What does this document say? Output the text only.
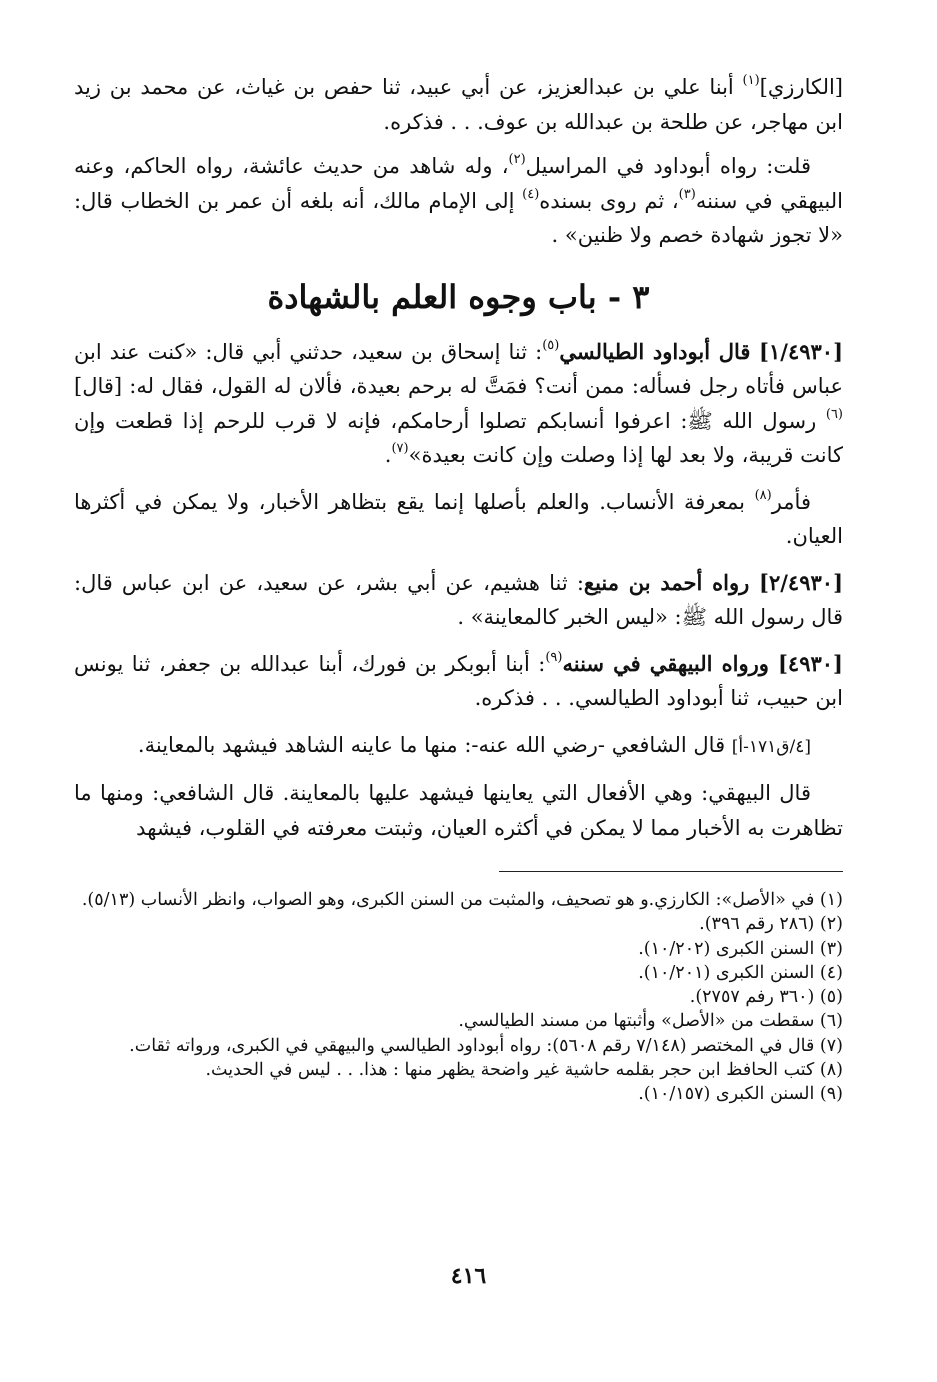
[الكارزي]$^{(١)}$ أبنا علي بن عبدالعزيز، عن أبي عبيد، ثنا حفص بن غياث، عن محمد بن زيد ابن مهاجر، عن طلحة بن عبدالله بن عوف. . . فذكره.

قلت: رواه أبوداود في المراسيل$^{(٢)}$، وله شاهد من حديث عائشة، رواه الحاكم، وعنه البيهقي في سننه$^{(٣)}$، ثم روى بسنده$^{(٤)}$ إلى الإمام مالك، أنه بلغه أن عمر بن الخطاب قال: «لا تجوز شهادة خصم ولا ظنين» .

٣ - باب وجوه العلم بالشهادة

[١/٤٩٣٠] قال أبوداود الطيالسي$^{(٥)}$: ثنا إسحاق بن سعيد، حدثني أبي قال: «كنت عند ابن عباس فأتاه رجل فسأله: ممن أنت؟ فمَتَّ له برحم بعيدة، فألان له القول، فقال له: [قال]$^{(٦)}$ رسول الله ﷺ: اعرفوا أنسابكم تصلوا أرحامكم، فإنه لا قرب للرحم إذا قطعت وإن كانت قريبة، ولا بعد لها إذا وصلت وإن كانت بعيدة»$^{(٧)}$.

فأمر$^{(٨)}$ بمعرفة الأنساب. والعلم بأصلها إنما يقع بتظاهر الأخبار، ولا يمكن في أكثرها العيان.

[٢/٤٩٣٠] رواه أحمد بن منيع: ثنا هشيم، عن أبي بشر، عن سعيد، عن ابن عباس قال: قال رسول الله ﷺ: «ليس الخبر كالمعاينة» .

[٤٩٣٠] ورواه البيهقي في سننه$^{(٩)}$: أبنا أبوبكر بن فورك، أبنا عبدالله بن جعفر، ثنا يونس ابن حبيب، ثنا أبوداود الطيالسي. . . فذكره.

[٤/ق١٧١-أ] قال الشافعي -رضي الله عنه-: منها ما عاينه الشاهد فيشهد بالمعاينة.

قال البيهقي: وهي الأفعال التي يعاينها فيشهد عليها بالمعاينة. قال الشافعي: ومنها ما تظاهرت به الأخبار مما لا يمكن في أكثره العيان، وثبتت معرفته في القلوب، فيشهد

(١) في «الأصل»: الكارزي.و هو تصحيف، والمثبت من السنن الكبرى، وهو الصواب، وانظر الأنساب (٥/١٣).
(٢) (٢٨٦ رقم ٣٩٦).
(٣) السنن الكبرى (١٠/٢٠٢).
(٤) السنن الكبرى (١٠/٢٠١).
(٥) (٣٦٠ رفم ٢٧٥٧).
(٦) سقطت من «الأصل» وأثبتها من مسند الطيالسي.
(٧) قال في المختصر (٧/١٤٨ رقم ٥٦٠٨): رواه أبوداود الطيالسي والبيهقي في الكبرى، ورواته ثقات.
(٨) كتب الحافظ ابن حجر بقلمه حاشية غير واضحة يظهر منها : هذا. . . ليس في الحديث.
(٩) السنن الكبرى (١٠/١٥٧).
٤١٦
